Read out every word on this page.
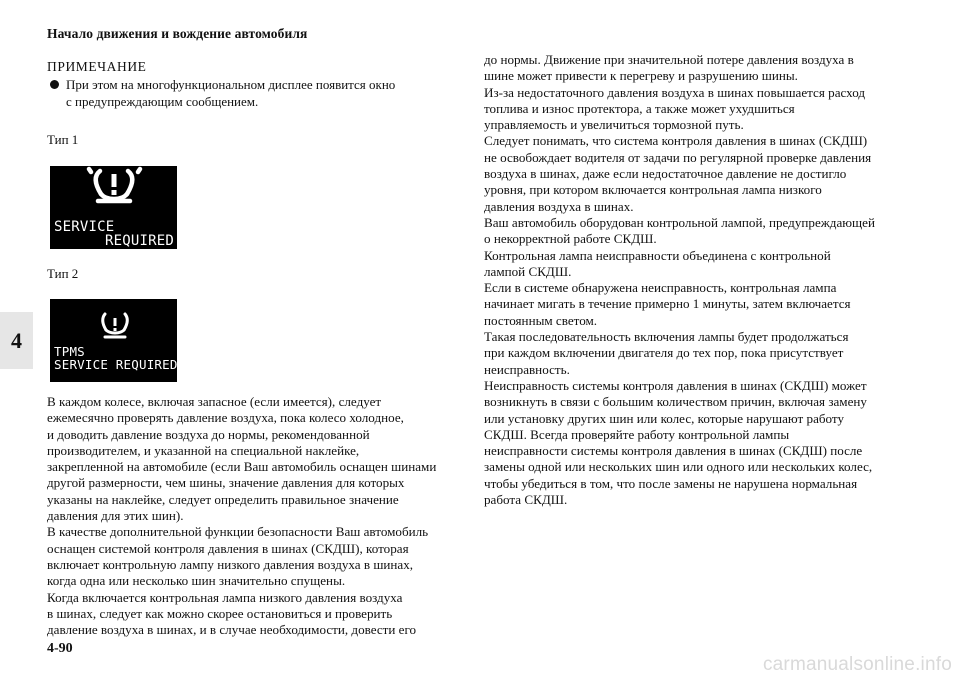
Начало движения и вождение автомобиля
4
ПРИМЕЧАНИЕ
При этом на многофункциональном дисплее появится окно
с предупреждающим сообщением.
Тип 1
SERVICE
REQUIRED
Тип 2
TPMS
SERVICE REQUIRED
В каждом колесе, включая запасное (если имеется), следует
ежемесячно проверять давление воздуха, пока колесо холодное,
и доводить давление воздуха до нормы, рекомендованной
производителем, и указанной на специальной наклейке,
закрепленной на автомобиле (если Ваш автомобиль оснащен шинами
другой размерности, чем шины, значение давления для которых
указаны на наклейке, следует определить правильное значение
давления для этих шин).
В качестве дополнительной функции безопасности Ваш автомобиль
оснащен системой контроля давления в шинах (СКДШ), которая
включает контрольную лампу низкого давления воздуха в шинах,
когда одна или несколько шин значительно спущены.
Когда включается контрольная лампа низкого давления воздуха
в шинах, следует как можно скорее остановиться и проверить
давление воздуха в шинах, и в случае необходимости, довести его
до нормы. Движение при значительной потере давления воздуха в
шине может привести к перегреву и разрушению шины.
Из-за недостаточного давления воздуха в шинах повышается расход
топлива и износ протектора, а также может ухудшиться
управляемость и увеличиться тормозной путь.
Следует понимать, что система контроля давления в шинах (СКДШ)
не освобождает водителя от задачи по регулярной проверке давления
воздуха в шинах, даже если недостаточное давление не достигло
уровня, при котором включается контрольная лампа низкого
давления воздуха в шинах.
Ваш автомобиль оборудован контрольной лампой, предупреждающей
о некорректной работе СКДШ.
Контрольная лампа неисправности объединена с контрольной
лампой СКДШ.
Если в системе обнаружена неисправность, контрольная лампа
начинает мигать в течение примерно 1 минуты, затем включается
постоянным светом.
Такая последовательность включения лампы будет продолжаться
при каждом включении двигателя до тех пор, пока присутствует
неисправность.
Неисправность системы контроля давления в шинах (СКДШ) может
возникнуть в связи с большим количеством причин, включая замену
или установку других шин или колес, которые нарушают работу
СКДШ. Всегда проверяйте работу контрольной лампы
неисправности системы контроля давления в шинах (СКДШ) после
замены одной или нескольких шин или одного или нескольких колес,
чтобы убедиться в том, что после замены не нарушена нормальная
работа СКДШ.
4-90
carmanualsonline.info
